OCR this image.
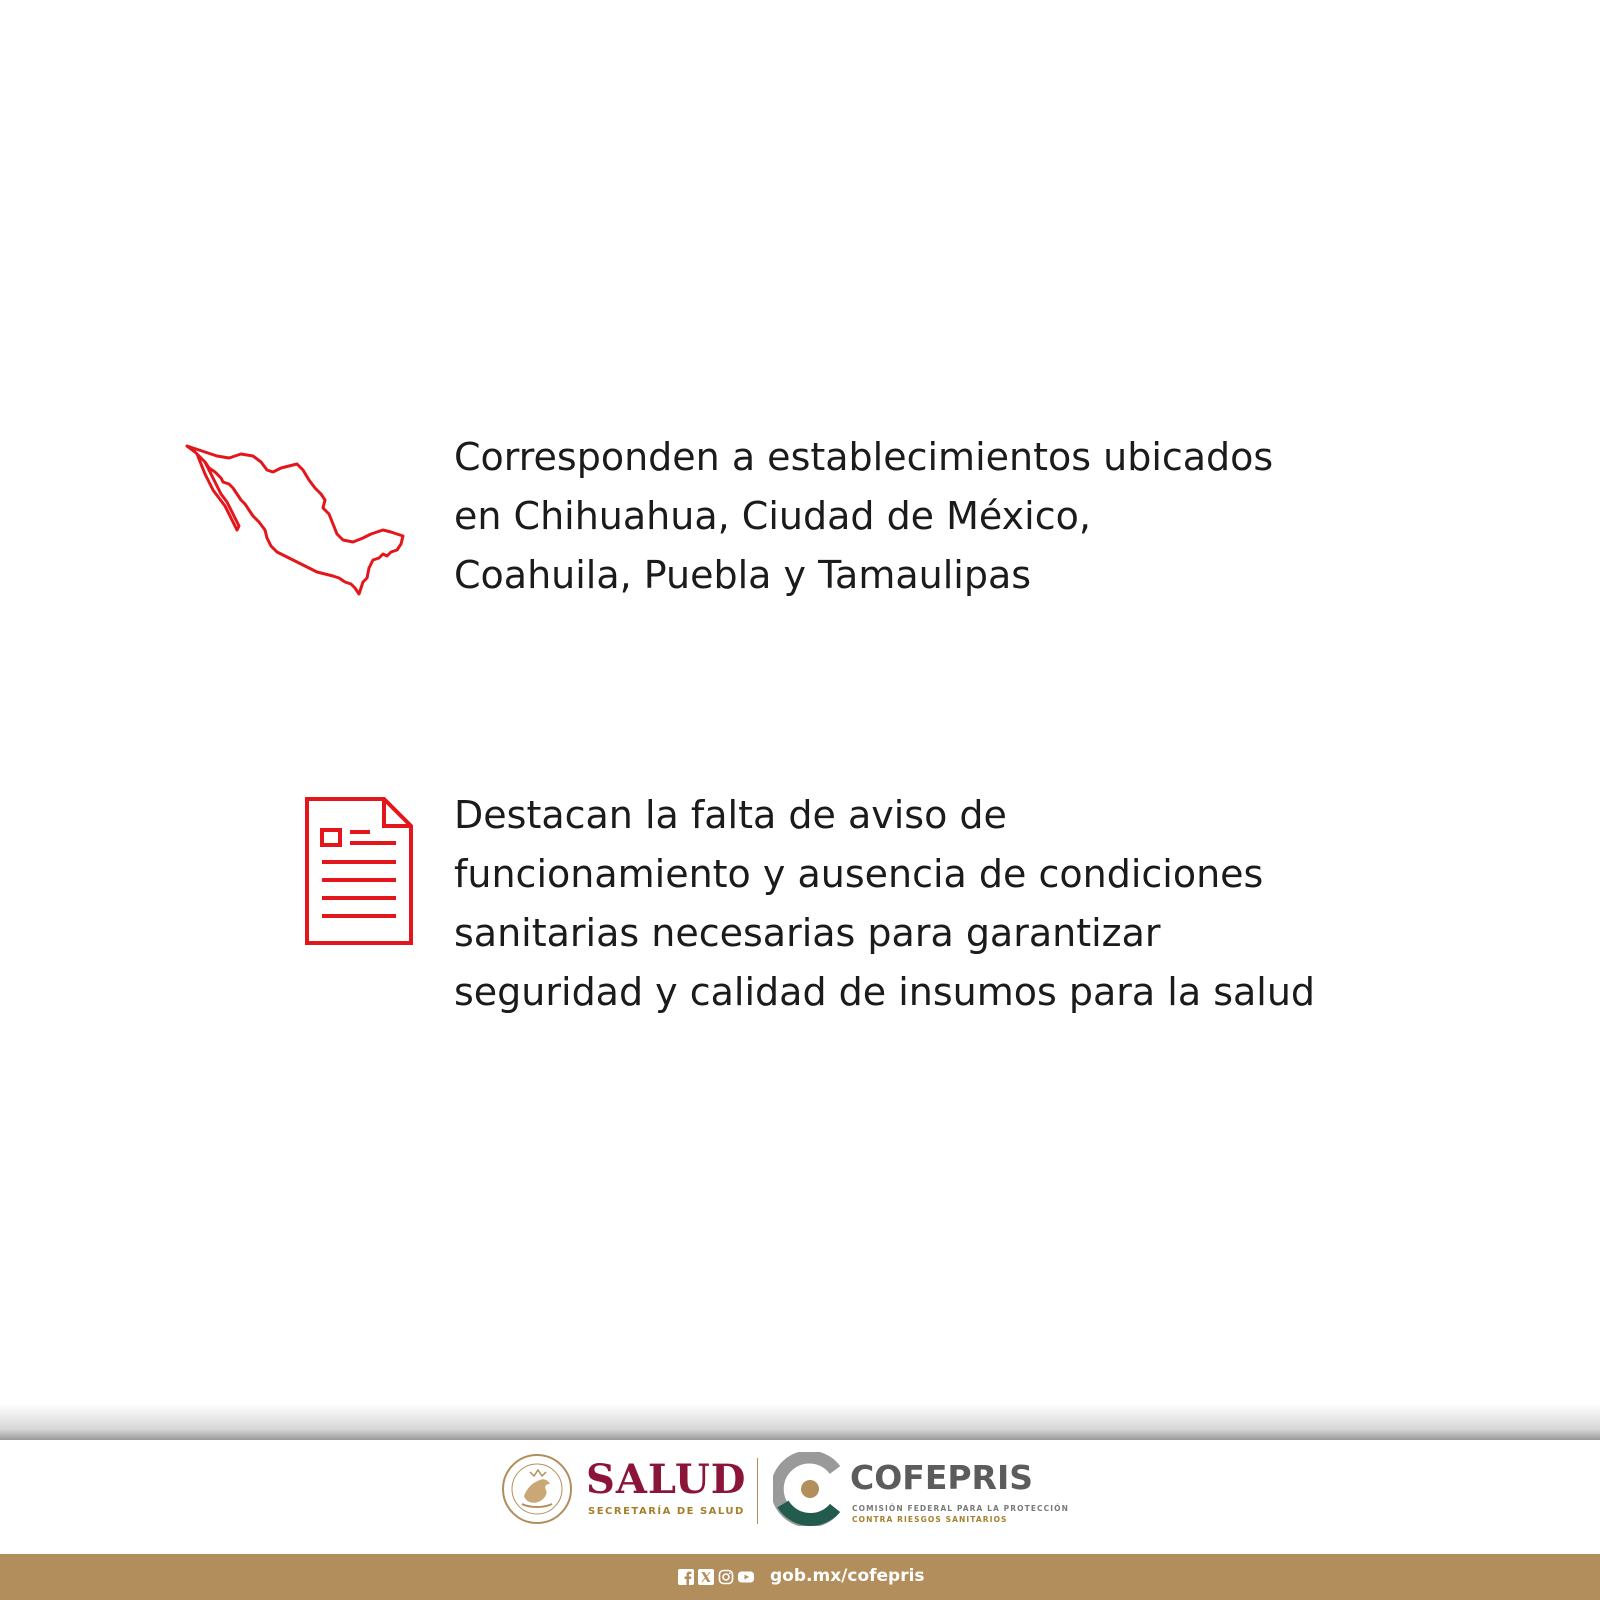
Corresponden a establecimientos ubicados
en Chihuahua, Ciudad de México,
Coahuila, Puebla y Tamaulipas

Destacan la falta de aviso de
funcionamiento y ausencia de condiciones
sanitarias necesarias para garantizar
seguridad y calidad de insumos para la salud

SALUD

SECRETARÍA DE SALUD

COFEPRIS

COMISIÓN FEDERAL PARA LA PROTECCIÓN

CONTRA RIESGOS SANITARIOS

gob.mx/cofepris
